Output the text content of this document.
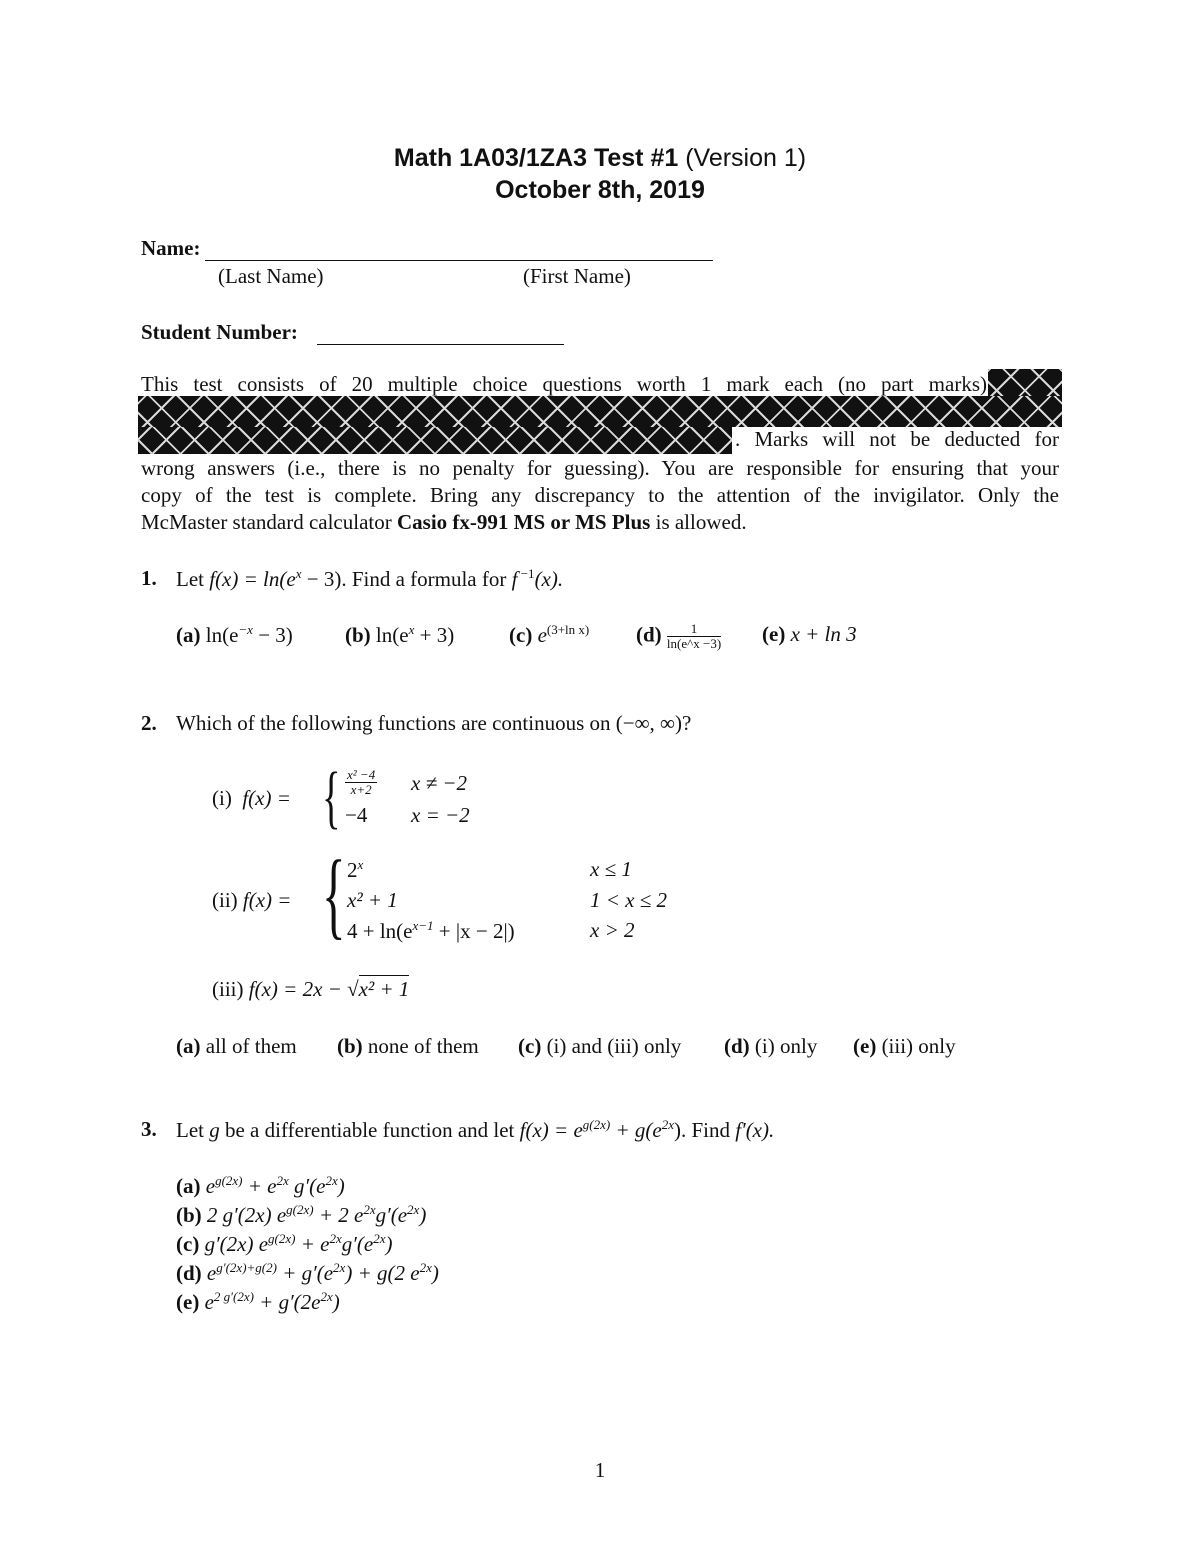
Math 1A03/1ZA3 Test #1 (Version 1)
October 8th, 2019
Name:
(Last Name)	(First Name)
Student Number:
This test consists of 20 multiple choice questions worth 1 mark each (no part marks)
. Marks will not be deducted for
wrong answers (i.e., there is no penalty for guessing). You are responsible for ensuring that your
copy of the test is complete. Bring any discrepancy to the attention of the invigilator. Only the
McMaster standard calculator Casio fx-991 MS or MS Plus is allowed.
1. Let $f(x) = \ln(e^x - 3)$. Find a formula for f $^{-1}$(x).
(a) $\ln(e^{-x} - 3)$ (b) $\ln(e^x + 3)$	(c) $e^{(3+ln x)}$ $(d) \frac{1}{\ln(e\^{}x -3)} (e) x + \ln 3$
2. Which of the following functions are continuous on (−∞, ∞)?
(i) f(x) = { $\frac{\text{x² −4}}{x+2}$ x ≠ −2
−4 x = −2
(ii) f(x) = { 2$^x$	x ≤ 1
x² + 1	1 < x ≤ 2
$4 + \ln(e^{x-1} + |x - 2|)$	x > 2
(iii) f(x) = 2x − √x² + 1
(a) all of them (b) none of them (c) (i) and (iii) only (d) (i) only (e) (iii) only
3. Let g be a differentiable function and let $f(x) = e^{g(2x)} + g(e^{2x})$. Find f′(x).
(a) $e^{g(2x)} + e^{2x}$ $g'(e^{2x})$
(b) 2 g′(2x) $e^{g(2x)} + 2$ $e^{2x}g'(e^{2x})$
(c) g′(2x) $e^{g(2x)} + e^{2x}g'(e^{2x})$
(d) $e^{g'(2x)+g(2)} + g'(e^{2x}) + g(2$ $e^{2x}$)
(e) $e^{2 g'(2x)} + g'(2e^{2x})$
1
